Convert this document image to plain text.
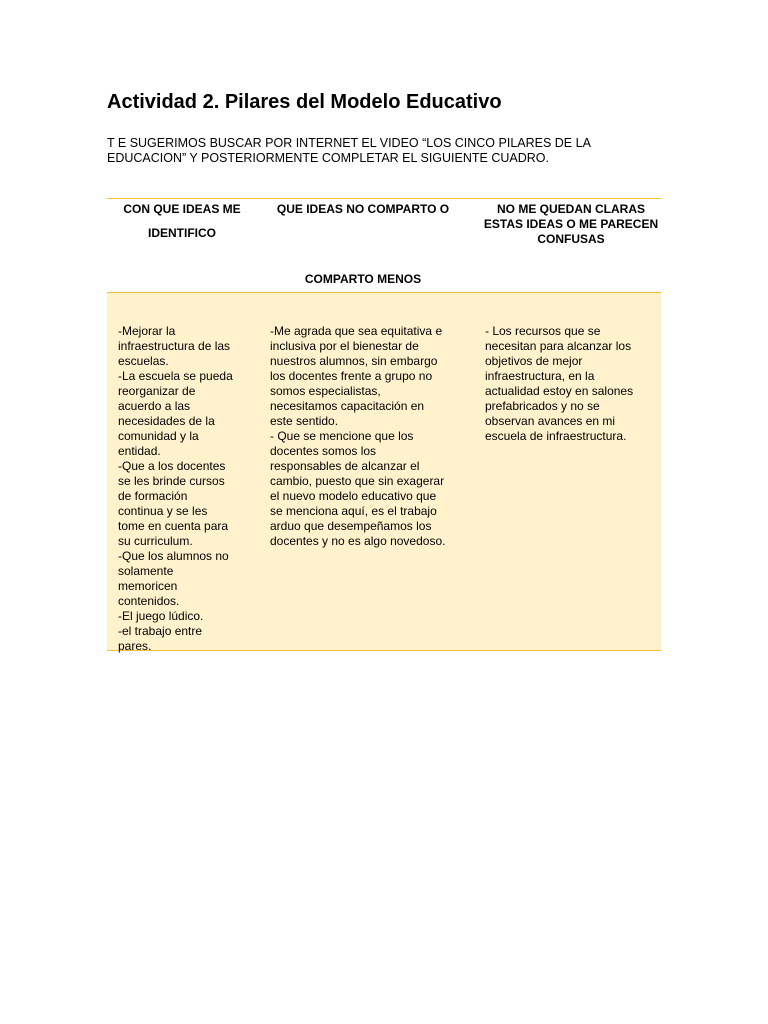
Actividad 2. Pilares del Modelo Educativo

T E SUGERIMOS BUSCAR POR INTERNET EL VIDEO “LOS CINCO PILARES DE LA
EDUCACION” Y POSTERIORMENTE COMPLETAR EL SIGUIENTE CUADRO.

CON QUE IDEAS ME
IDENTIFICO
QUE IDEAS NO COMPARTO O
COMPARTO MENOS
NO ME QUEDAN CLARAS ESTAS IDEAS O ME PARECEN CONFUSAS
-Mejorar la
infraestructura de las
escuelas.
-La escuela se pueda
reorganizar de
acuerdo a las
necesidades de la
comunidad y la
entidad.
-Que a los docentes
se les brinde cursos
de formación
continua y se les
tome en cuenta para
su curriculum.
-Que los alumnos no
solamente
memoricen
contenidos.
-El juego lúdico.
-el trabajo entre
pares.
-Me agrada que sea equitativa e
inclusiva por el bienestar de
nuestros alumnos, sin embargo
los docentes frente a grupo no
somos especialistas,
necesitamos capacitación en
este sentido.
- Que se mencione que los
docentes somos los
responsables de alcanzar el
cambio, puesto que sin exagerar
el nuevo modelo educativo que
se menciona aquí, es el trabajo
arduo que desempeñamos los
docentes y no es algo novedoso.
- Los recursos que se
necesitan para alcanzar los
objetivos de mejor
infraestructura, en la
actualidad estoy en salones
prefabricados y no se
observan avances en mi
escuela de infraestructura.
